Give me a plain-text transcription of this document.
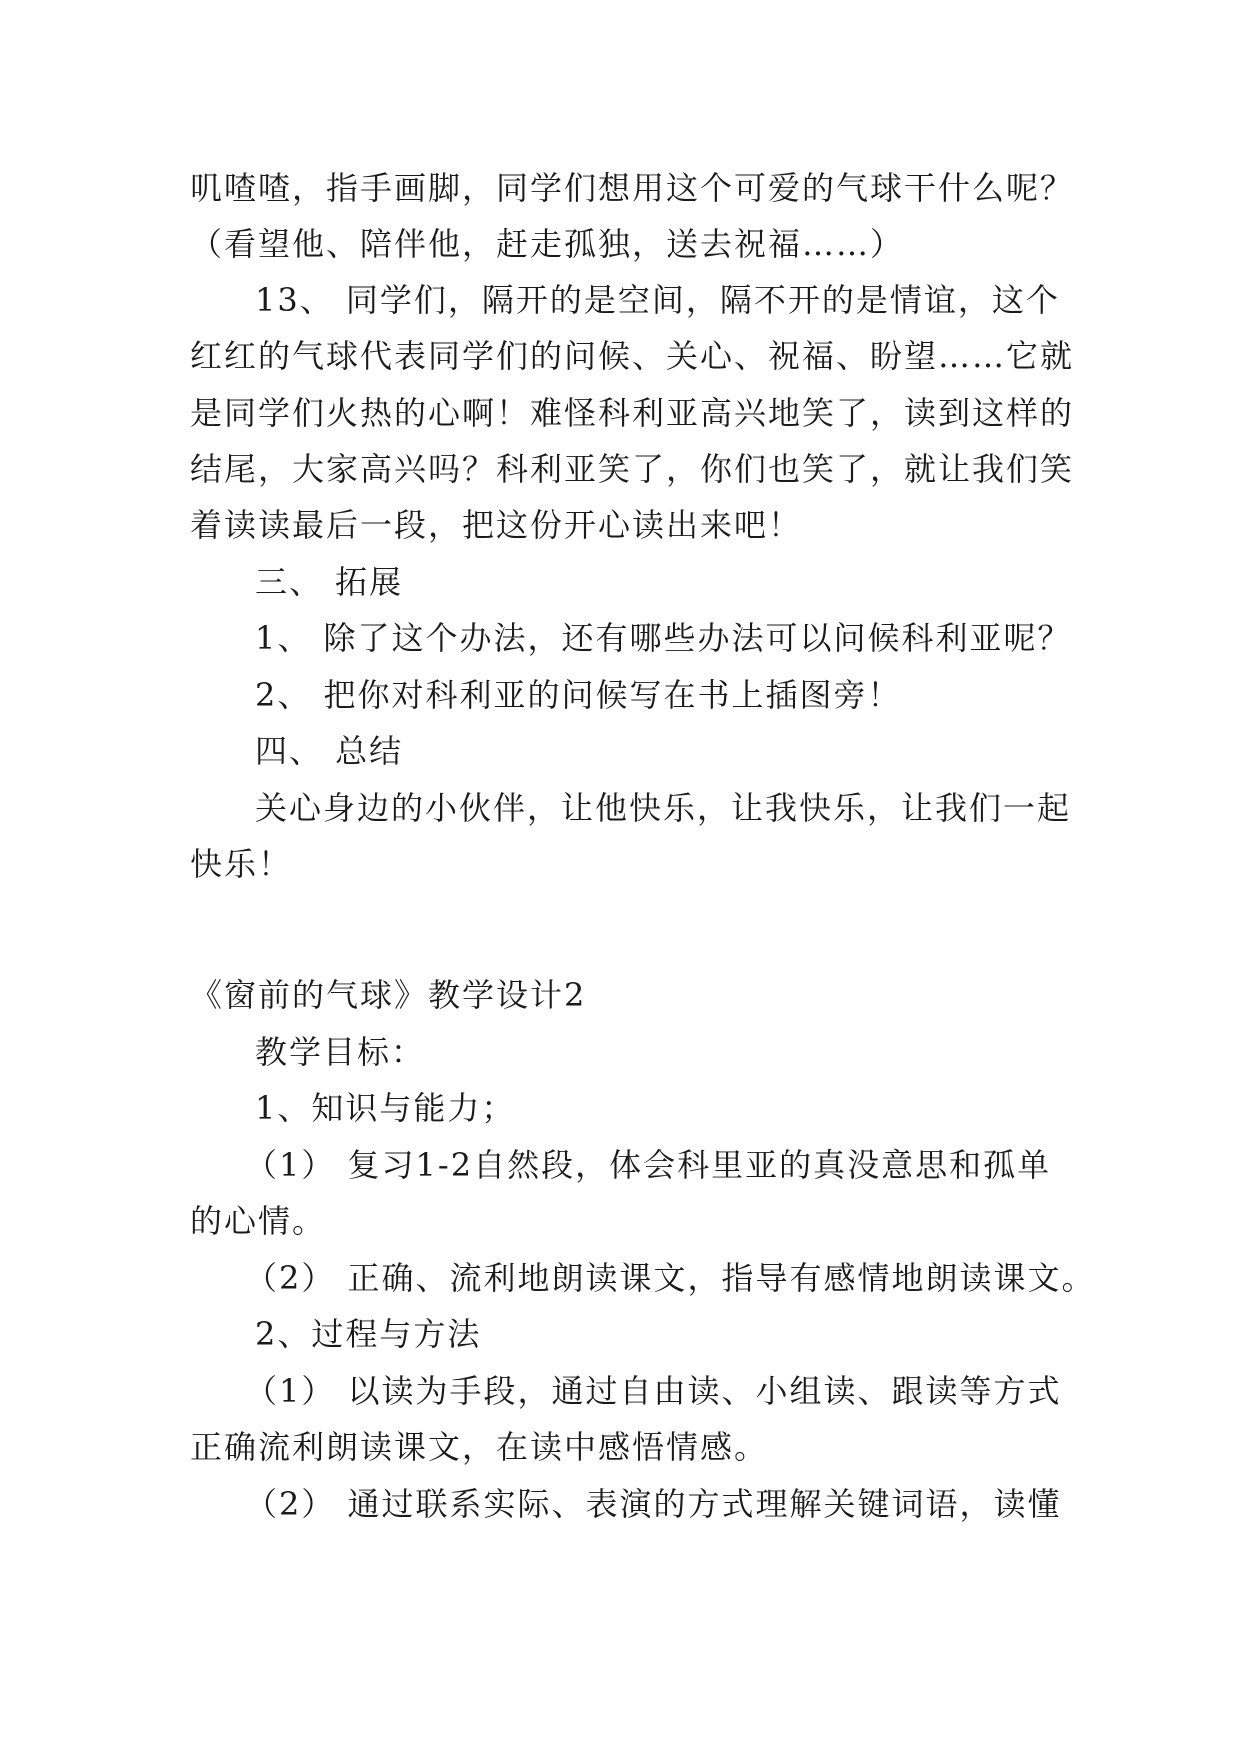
叽喳喳，指手画脚，同学们想用这个可爱的气球干什么呢？
（看望他、陪伴他，赶走孤独，送去祝福……）
13、 同学们，隔开的是空间，隔不开的是情谊，这个
红红的气球代表同学们的问候、关心、祝福、盼望……它就
是同学们火热的心啊！难怪科利亚高兴地笑了，读到这样的
结尾，大家高兴吗？科利亚笑了，你们也笑了，就让我们笑
着读读最后一段，把这份开心读出来吧！
三、 拓展
1、 除了这个办法，还有哪些办法可以问候科利亚呢？
2、 把你对科利亚的问候写在书上插图旁！
四、 总结
关心身边的小伙伴，让他快乐，让我快乐，让我们一起
快乐！
《窗前的气球》教学设计2
教学目标：
1、知识与能力；
（1） 复习1-2自然段，体会科里亚的真没意思和孤单
的心情。
（2） 正确、流利地朗读课文，指导有感情地朗读课文。
2、过程与方法
（1） 以读为手段，通过自由读、小组读、跟读等方式
正确流利朗读课文，在读中感悟情感。
（2） 通过联系实际、表演的方式理解关键词语，读懂
